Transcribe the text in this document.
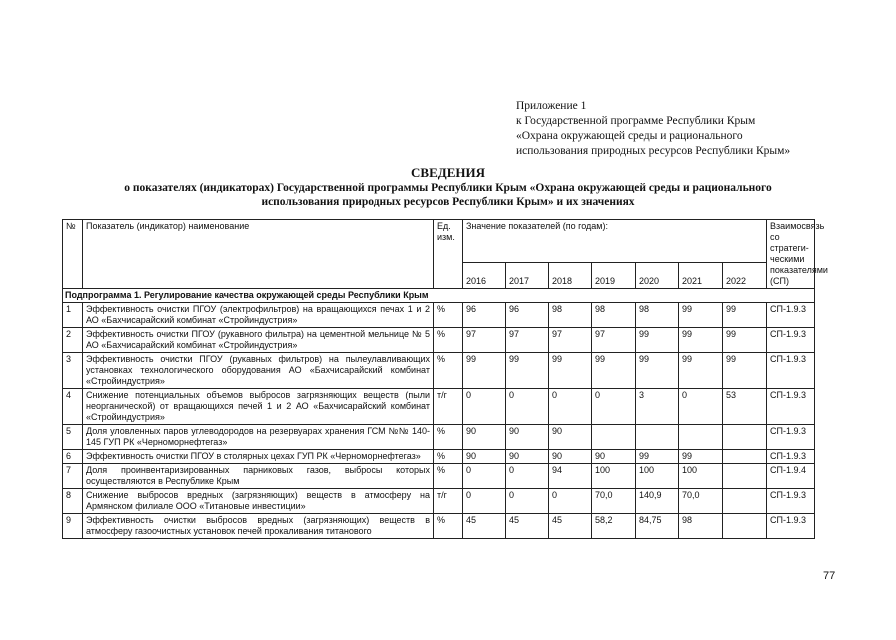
Приложение 1
к Государственной программе Республики Крым
«Охрана окружающей среды и рационального
использования природных ресурсов Республики Крым»
СВЕДЕНИЯ
о показателях (индикаторах) Государственной программы Республики Крым «Охрана окружающей среды и рационального
использования природных ресурсов Республики Крым» и их значениях
№	Показатель (индикатор) наименование	Ед. изм.	Значение показателей (по годам):							Взаимосвязь со стратеги-ческими показателями (СП)
			2016	2017	2018	2019	2020	2021	2022	
Подпрограмма 1. Регулирование качества окружающей среды Республики Крым										
1	Эффективность очистки ПГОУ (электрофильтров) на вращающихся печах 1 и 2 АО «Бахчисарайский комбинат «Стройиндустрия»	%	96	96	98	98	98	99	99	СП-1.9.3
2	Эффективность очистки ПГОУ (рукавного фильтра) на цементной мельнице № 5 АО «Бахчисарайский комбинат «Стройиндустрия»	%	97	97	97	97	99	99	99	СП-1.9.3
3	Эффективность очистки ПГОУ (рукавных фильтров) на пылеулавливающих установках технологического оборудования АО «Бахчисарайский комбинат «Стройиндустрия»	%	99	99	99	99	99	99	99	СП-1.9.3
4	Снижение потенциальных объемов выбросов загрязняющих веществ (пыли неорганической) от вращающихся печей 1 и 2 АО «Бахчисарайский комбинат «Стройиндустрия»	т/г	0	0	0	0	3	0	53	СП-1.9.3
5	Доля уловленных паров углеводородов на резервуарах хранения ГСМ №№ 140-145 ГУП РК «Черноморнефтегаз»	%	90	90	90					СП-1.9.3
6	Эффективность очистки ПГОУ в столярных цехах ГУП РК «Черноморнефтегаз»	%	90	90	90	90	99	99		СП-1.9.3
7	Доля проинвентаризированных парниковых газов, выбросы которых осуществляются в Республике Крым	%	0	0	94	100	100	100		СП-1.9.4
8	Снижение выбросов вредных (загрязняющих) веществ в атмосферу на Армянском филиале ООО «Титановые инвестиции»	т/г	0	0	0	70,0	140,9	70,0		СП-1.9.3
9	Эффективность очистки выбросов вредных (загрязняющих) веществ в атмосферу газоочистных установок печей прокаливания титанового	%	45	45	45	58,2	84,75	98		СП-1.9.3
77
